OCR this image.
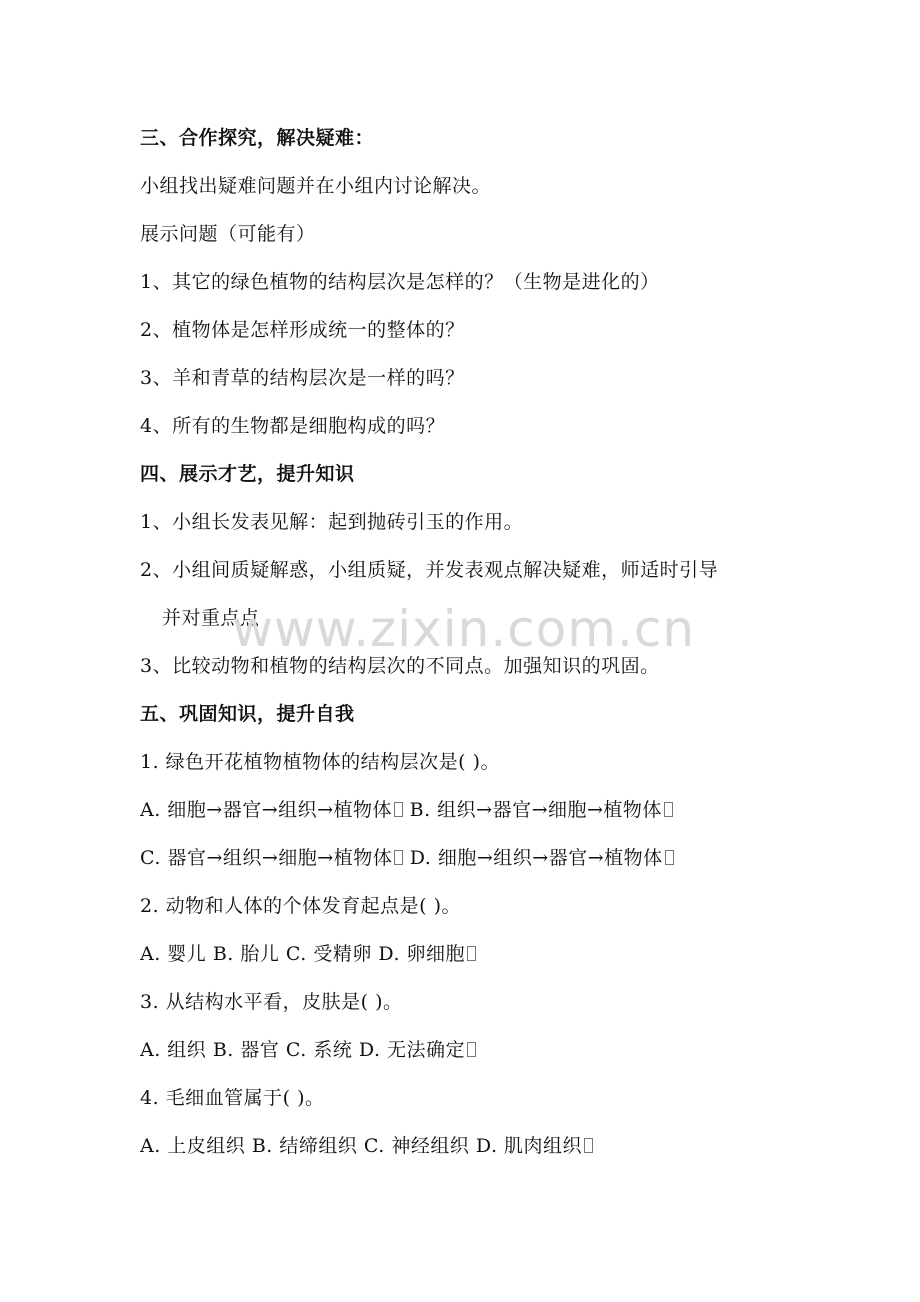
三、合作探究，解决疑难：
小组找出疑难问题并在小组内讨论解决。
展示问题（可能有）
1、其它的绿色植物的结构层次是怎样的？（生物是进化的）
2、植物体是怎样形成统一的整体的？
3、羊和青草的结构层次是一样的吗？
4、所有的生物都是细胞构成的吗？
四、展示才艺，提升知识
1、小组长发表见解：起到抛砖引玉的作用。
2、小组间质疑解惑，小组质疑，并发表观点解决疑难，师适时引导
并对重点点
3、比较动物和植物的结构层次的不同点。加强知识的巩固。
五、巩固知识，提升自我
1. 绿色开花植物植物体的结构层次是( )。
A. 细胞→器官→组织→植物体 B. 组织→器官→细胞→植物体
C. 器官→组织→细胞→植物体 D. 细胞→组织→器官→植物体
2. 动物和人体的个体发育起点是( )。
A. 婴儿 B. 胎儿 C. 受精卵 D. 卵细胞
3. 从结构水平看，皮肤是( )。
A. 组织 B. 器官 C. 系统 D. 无法确定
4. 毛细血管属于( )。
A. 上皮组织 B. 结缔组织 C. 神经组织 D. 肌肉组织
www.zixin.com.cn
